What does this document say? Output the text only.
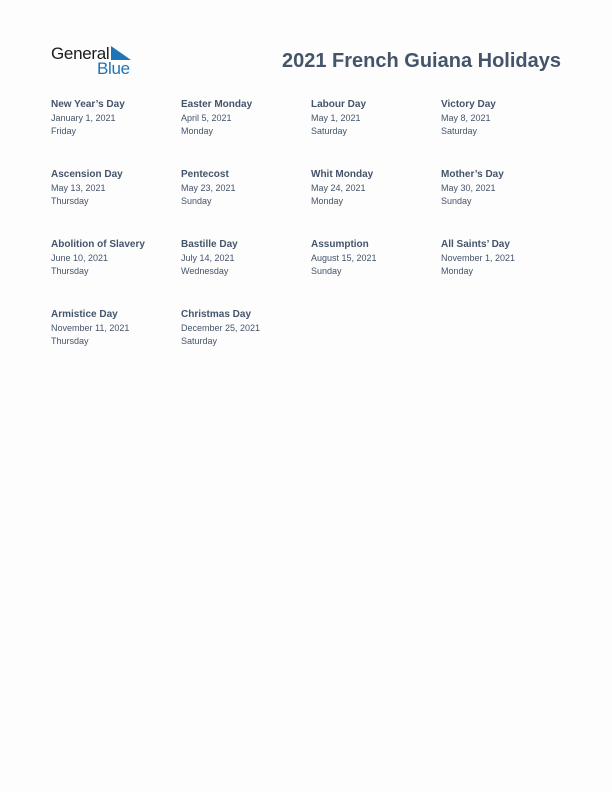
General
Blue	2021 French Guiana Holidays
New Year’s Day
January 1, 2021
Friday
Easter Monday
April 5, 2021
Monday
Labour Day
May 1, 2021
Saturday
Victory Day
May 8, 2021
Saturday
Ascension Day
May 13, 2021
Thursday
Pentecost
May 23, 2021
Sunday
Whit Monday
May 24, 2021
Monday
Mother’s Day
May 30, 2021
Sunday
Abolition of Slavery
June 10, 2021
Thursday
Bastille Day
July 14, 2021
Wednesday
Assumption
August 15, 2021
Sunday
All Saints’ Day
November 1, 2021
Monday
Armistice Day
November 11, 2021
Thursday
Christmas Day
December 25, 2021
Saturday
